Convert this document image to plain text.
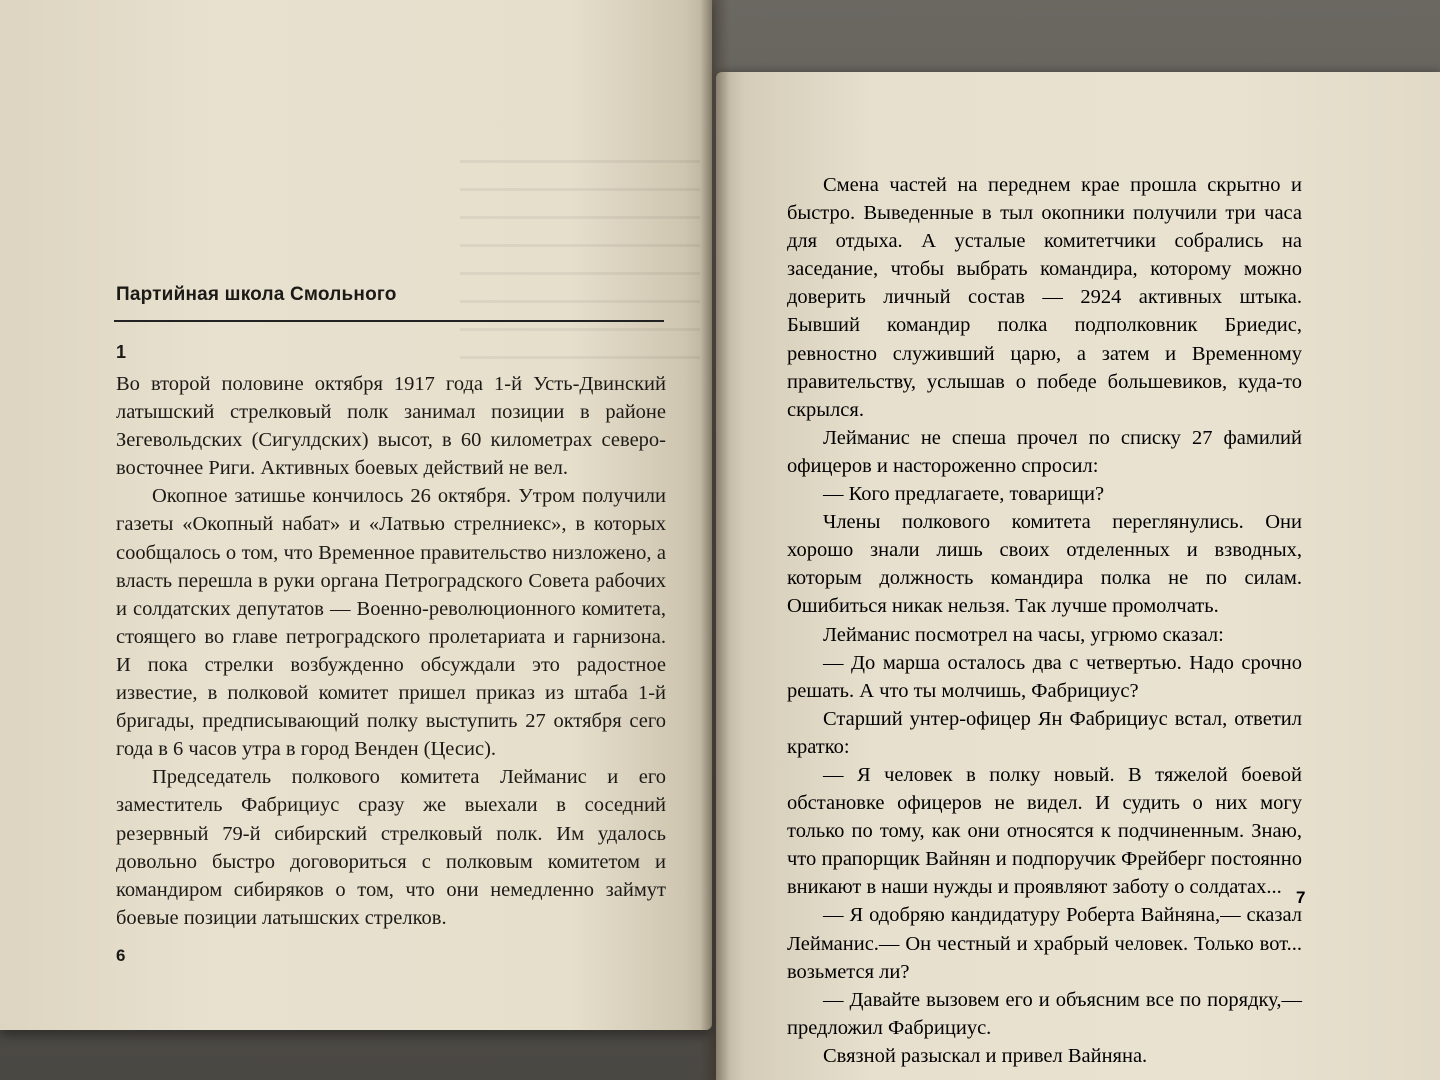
Партийная школа Смольного
1

Во второй половине октября 1917 года 1-й Усть-Двинский латышский стрелковый полк занимал позиции в районе Зегевольдских (Сигулдских) высот, в 60 километрах северо-восточнее Риги. Активных боевых действий не вел.

Окопное затишье кончилось 26 октября. Утром получили газеты «Окопный набат» и «Латвью стрелниекс», в которых сообщалось о том, что Временное правительство низложено, а власть перешла в руки органа Петроградского Совета рабочих и солдатских депутатов — Военно-революционного комитета, стоящего во главе петроградского пролетариата и гарнизона. И пока стрелки возбужденно обсуждали это радостное известие, в полковой комитет пришел приказ из штаба 1-й бригады, предписывающий полку выступить 27 октября сего года в 6 часов утра в город Венден (Цесис).

Председатель полкового комитета Лейманис и его заместитель Фабрициус сразу же выехали в соседний резервный 79-й сибирский стрелковый полк. Им удалось довольно быстро договориться с полковым комитетом и командиром сибиряков о том, что они немедленно займут боевые позиции латышских стрелков.

6

Смена частей на переднем крае прошла скрытно и быстро. Выведенные в тыл окопники получили три часа для отдыха. А усталые комитетчики собрались на заседание, чтобы выбрать командира, которому можно доверить личный состав — 2924 активных штыка. Бывший командир полка подполковник Бриедис, ревностно служивший царю, а затем и Временному правительству, услышав о победе большевиков, куда-то скрылся.

Лейманис не спеша прочел по списку 27 фамилий офицеров и настороженно спросил:

— Кого предлагаете, товарищи?

Члены полкового комитета переглянулись. Они хорошо знали лишь своих отделенных и взводных, которым должность командира полка не по силам. Ошибиться никак нельзя. Так лучше промолчать.

Лейманис посмотрел на часы, угрюмо сказал:

— До марша осталось два с четвертью. Надо срочно решать. А что ты молчишь, Фабрициус?

Старший унтер-офицер Ян Фабрициус встал, ответил кратко:

— Я человек в полку новый. В тяжелой боевой обстановке офицеров не видел. И судить о них могу только по тому, как они относятся к подчиненным. Знаю, что прапорщик Вайнян и подпоручик Фрейберг постоянно вникают в наши нужды и проявляют заботу о солдатах...

— Я одобряю кандидатуру Роберта Вайняна,— сказал Лейманис.— Он честный и храбрый человек. Только вот... возьмется ли?

— Давайте вызовем его и объясним все по порядку,— предложил Фабрициус.

Связной разыскал и привел Вайняна.

7
